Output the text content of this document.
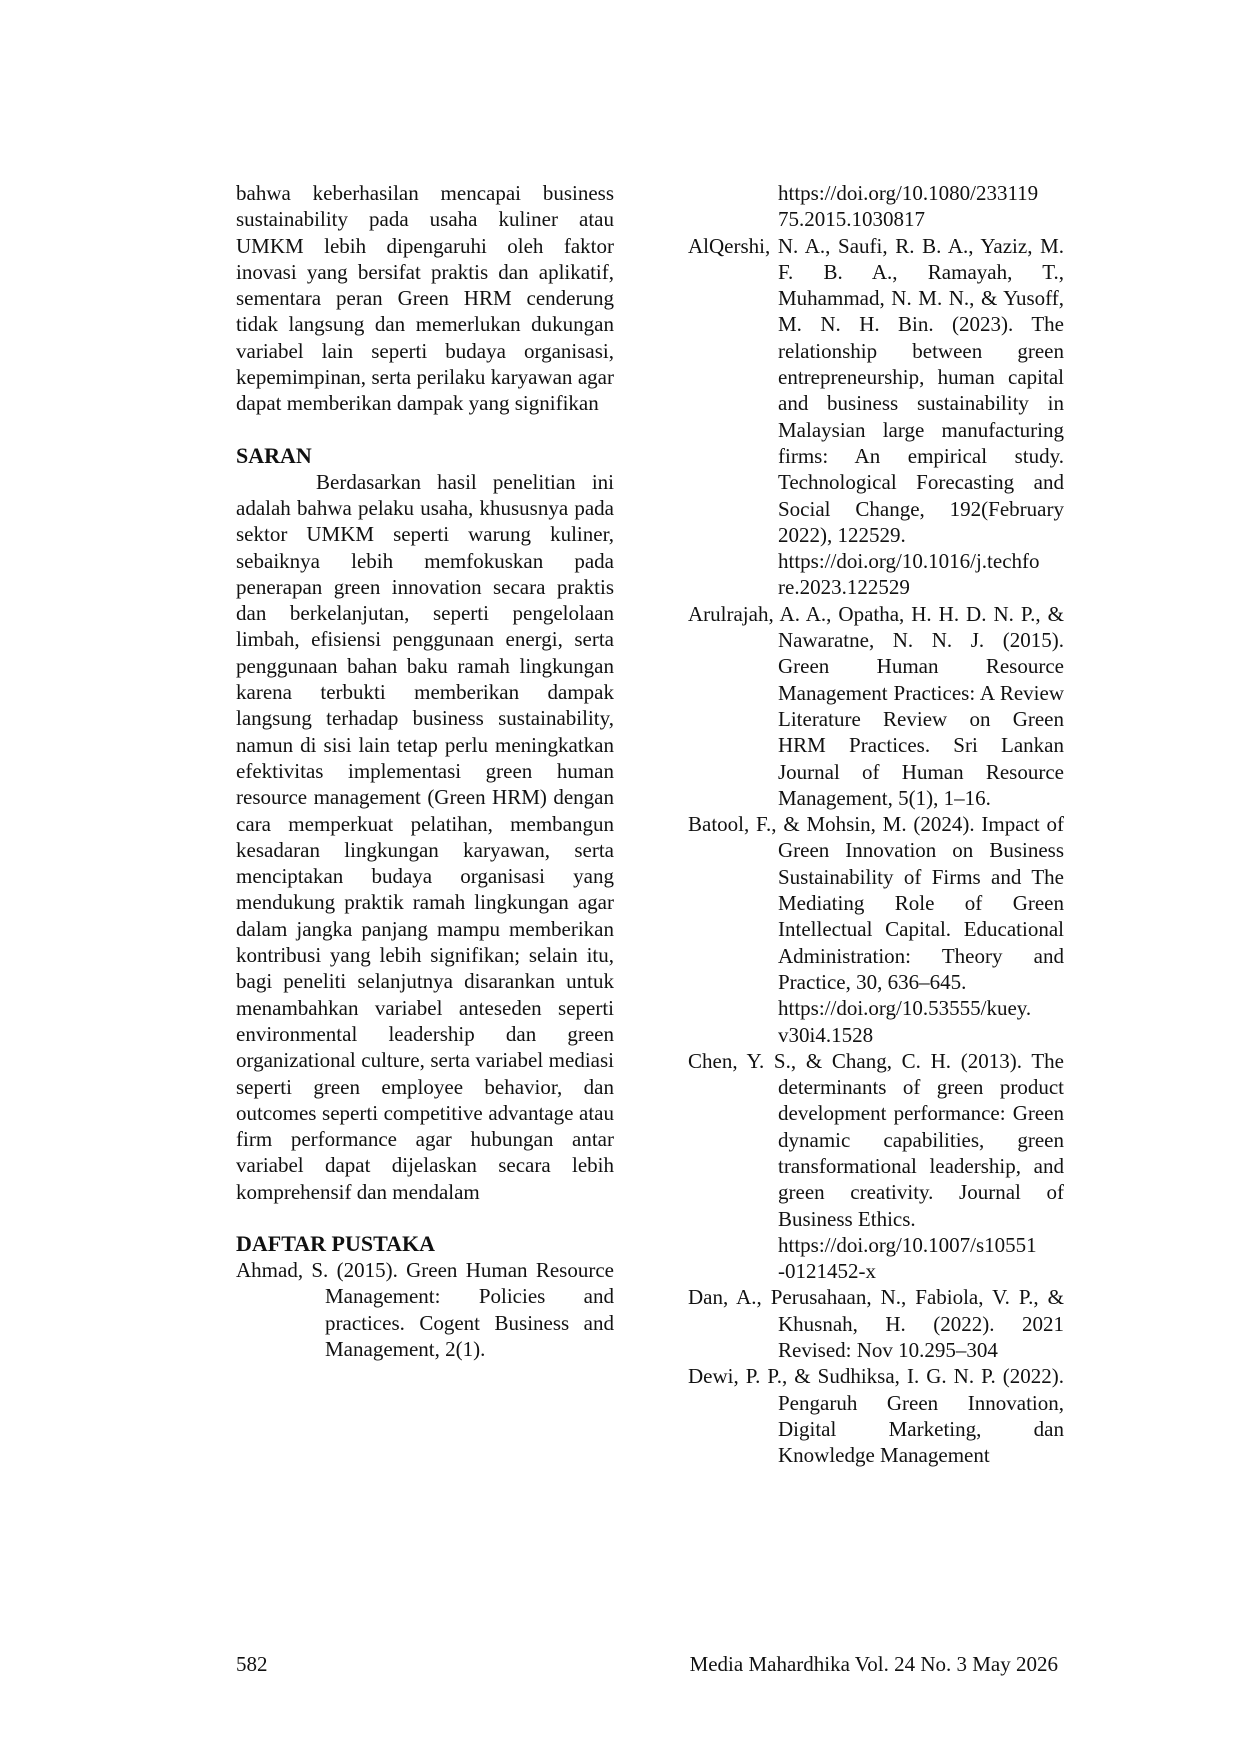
bahwa keberhasilan mencapai business sustainability pada usaha kuliner atau UMKM lebih dipengaruhi oleh faktor inovasi yang bersifat praktis dan aplikatif, sementara peran Green HRM cenderung tidak langsung dan memerlukan dukungan variabel lain seperti budaya organisasi, kepemimpinan, serta perilaku karyawan agar dapat memberikan dampak yang signifikan

SARAN

Berdasarkan hasil penelitian ini adalah bahwa pelaku usaha, khususnya pada sektor UMKM seperti warung kuliner, sebaiknya lebih memfokuskan pada penerapan green innovation secara praktis dan berkelanjutan, seperti pengelolaan limbah, efisiensi penggunaan energi, serta penggunaan bahan baku ramah lingkungan karena terbukti memberikan dampak langsung terhadap business sustainability, namun di sisi lain tetap perlu meningkatkan efektivitas implementasi green human resource management (Green HRM) dengan cara memperkuat pelatihan, membangun kesadaran lingkungan karyawan, serta menciptakan budaya organisasi yang mendukung praktik ramah lingkungan agar dalam jangka panjang mampu memberikan kontribusi yang lebih signifikan; selain itu, bagi peneliti selanjutnya disarankan untuk menambahkan variabel anteseden seperti environmental leadership dan green organizational culture, serta variabel mediasi seperti green employee behavior, dan outcomes seperti competitive advantage atau firm performance agar hubungan antar variabel dapat dijelaskan secara lebih komprehensif dan mendalam

DAFTAR PUSTAKA

Ahmad, S. (2015). Green Human Resource Management: Policies and practices. Cogent Business and Management, 2(1).

https://doi.org/10.1080/233119
75.2015.1030817

AlQershi, N. A., Saufi, R. B. A., Yaziz, M. F. B. A., Ramayah, T., Muhammad, N. M. N., & Yusoff, M. N. H. Bin. (2023). The relationship between green entrepreneurship, human capital and business sustainability in Malaysian large manufacturing firms: An empirical study. Technological Forecasting and Social Change, 192(February 2022), 122529.

https://doi.org/10.1016/j.techfo
re.2023.122529

Arulrajah, A. A., Opatha, H. H. D. N. P., & Nawaratne, N. N. J. (2015). Green Human Resource Management Practices: A Review Literature Review on Green HRM Practices. Sri Lankan Journal of Human Resource Management, 5(1), 1–16.

Batool, F., & Mohsin, M. (2024). Impact of Green Innovation on Business Sustainability of Firms and The Mediating Role of Green Intellectual Capital. Educational Administration: Theory and Practice, 30, 636–645.

https://doi.org/10.53555/kuey.
v30i4.1528

Chen, Y. S., & Chang, C. H. (2013). The determinants of green product development performance: Green dynamic capabilities, green transformational leadership, and green creativity. Journal of Business Ethics.

https://doi.org/10.1007/s10551
-0121452-x

Dan, A., Perusahaan, N., Fabiola, V. P., & Khusnah, H. (2022). 2021 Revised: Nov 10.295–304

Dewi, P. P., & Sudhiksa, I. G. N. P. (2022). Pengaruh Green Innovation, Digital Marketing, dan Knowledge Management

582	Media Mahardhika Vol. 24 No. 3 May 2026
